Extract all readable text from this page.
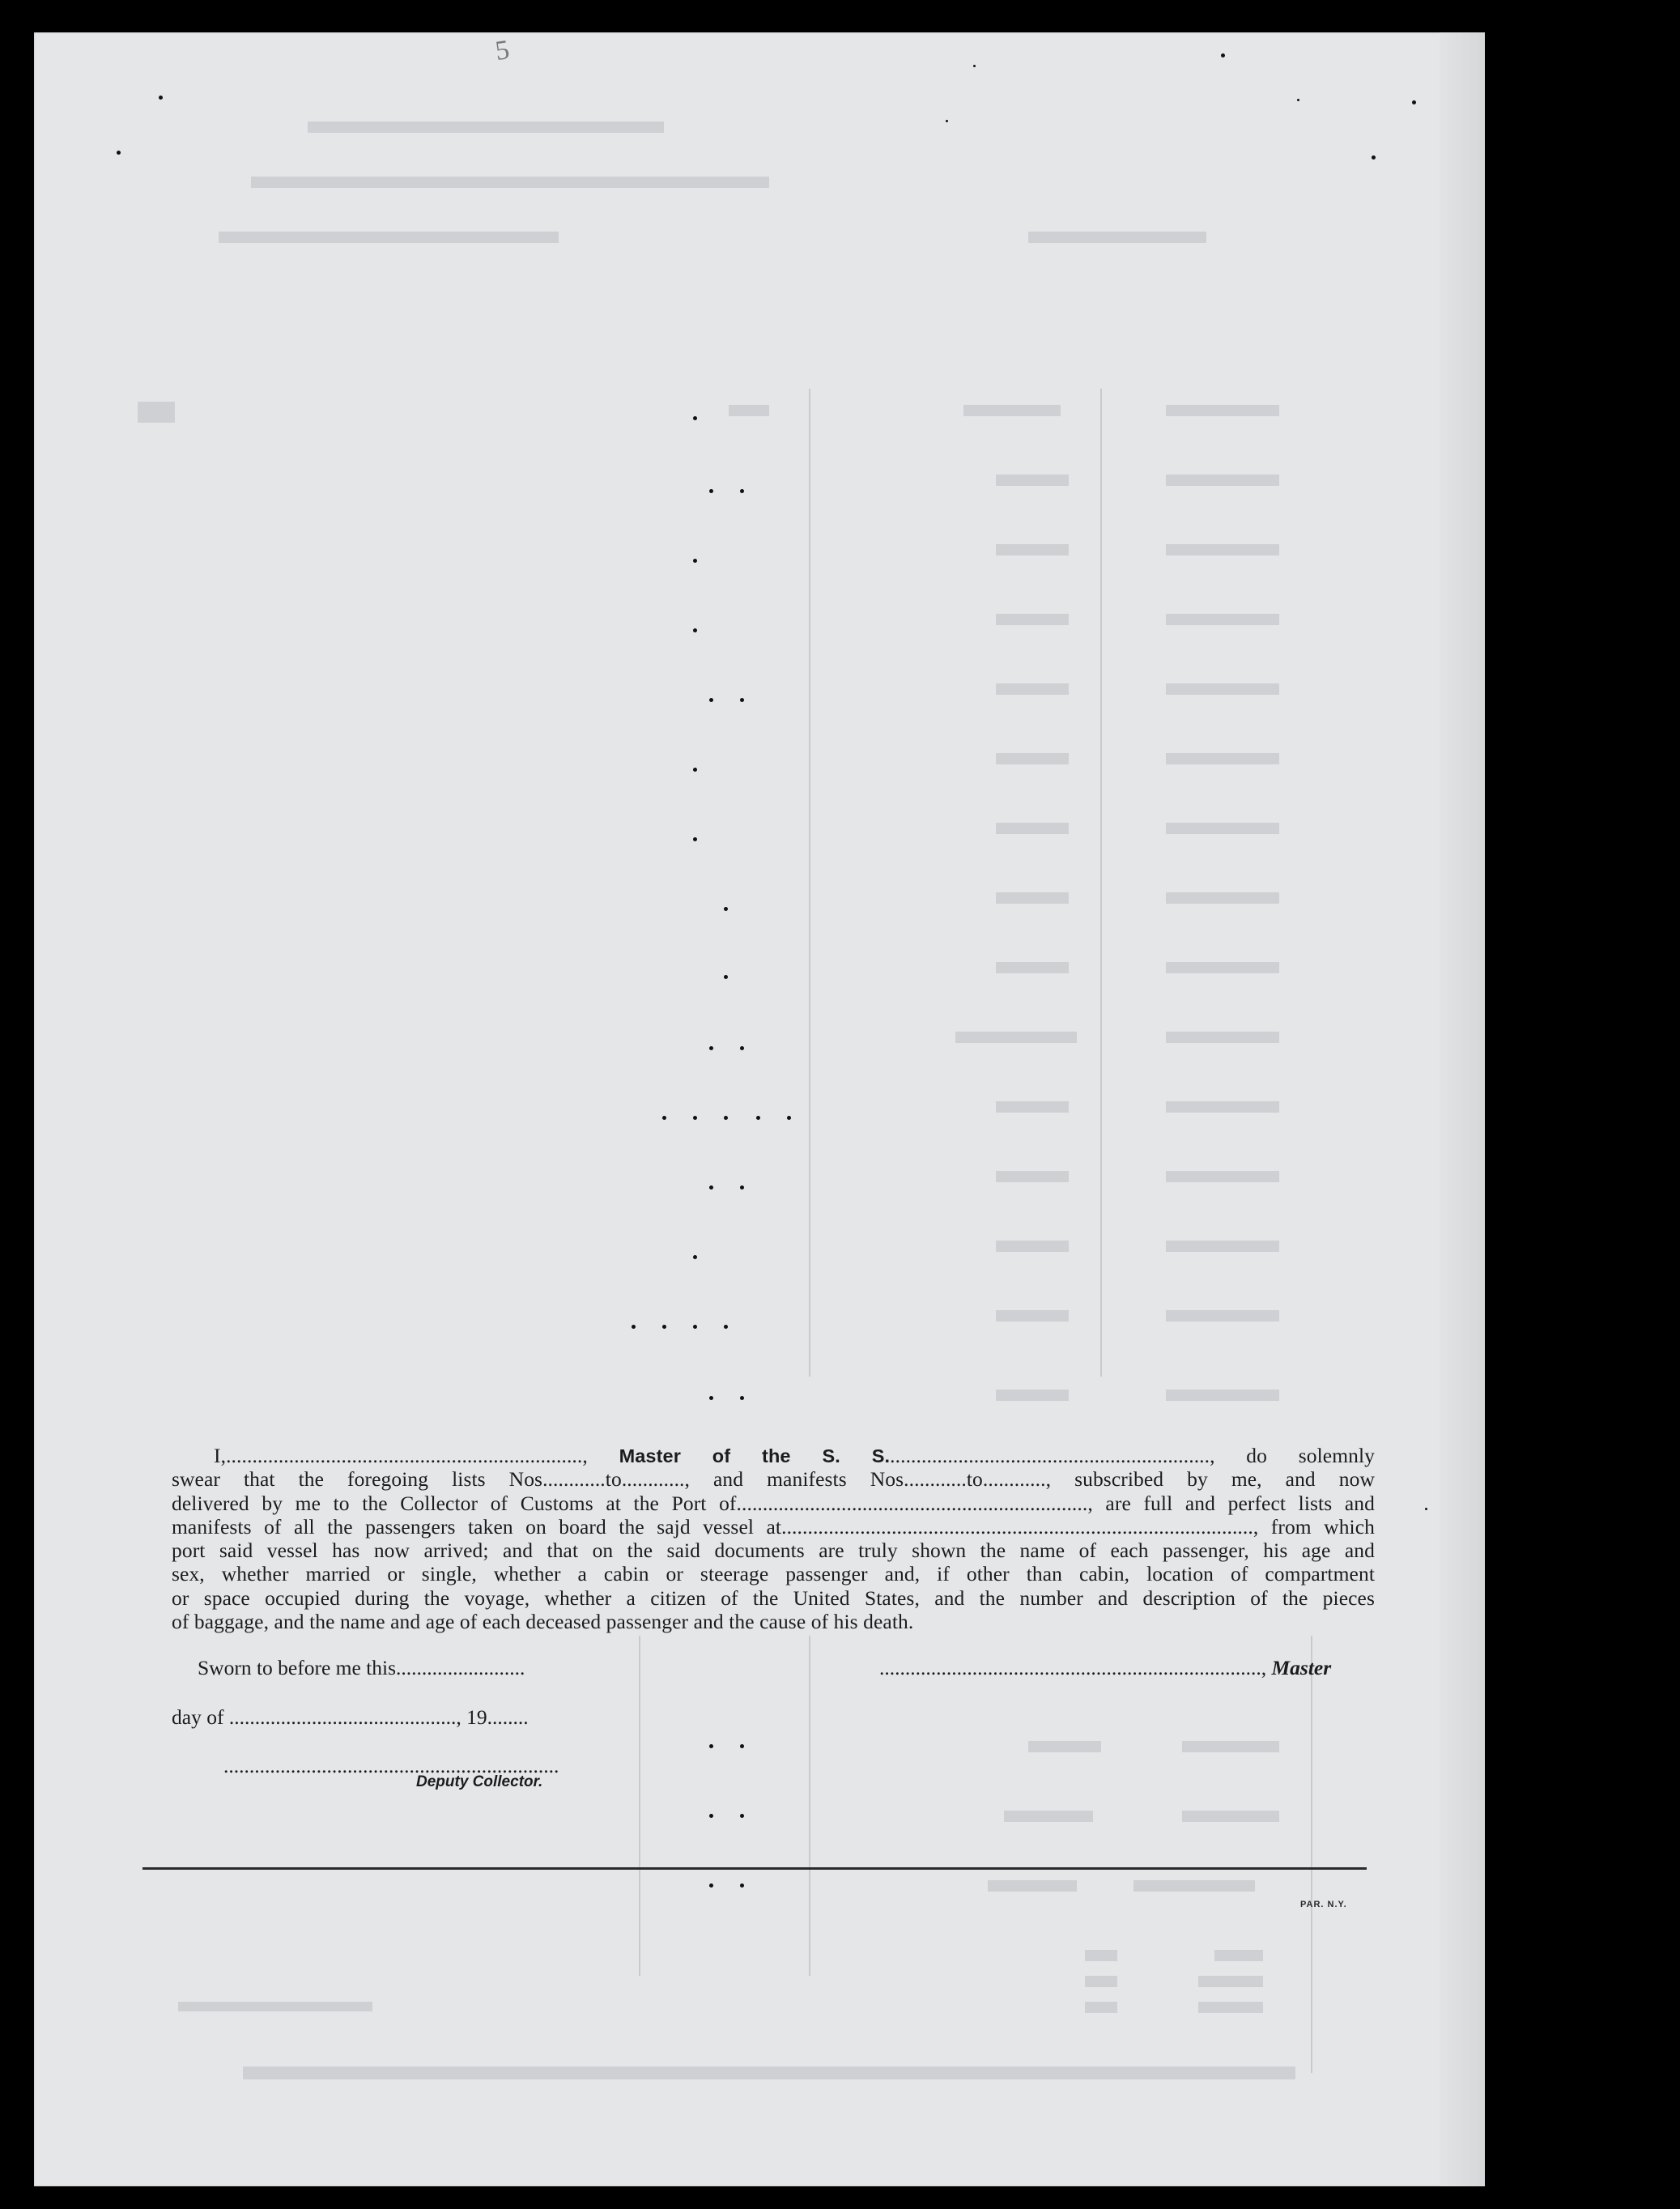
5
I,...................................................................., Master of the S. S.............................................................., do solemnly
swear that the foregoing lists Nos............to............, and manifests Nos............to............, subscribed by me, and now
delivered by me to the Collector of Customs at the Port of..................................................................., are full and perfect lists and
manifests of all the passengers taken on board the sajd vessel at.........................................................................................., from which
port said vessel has now arrived; and that on the said documents are truly shown the name of each passenger, his age and
sex, whether married or single, whether a cabin or steerage passenger and, if other than cabin, location of compartment
or space occupied during the voyage, whether a citizen of the United States, and the number and description of the pieces
of baggage, and the name and age of each deceased passenger and the cause of his death.
Sworn to before me this.........................	.........................................................................., Master
day of ............................................, 19........
.................................................................
Deputy Collector.
PAR. N.Y.
